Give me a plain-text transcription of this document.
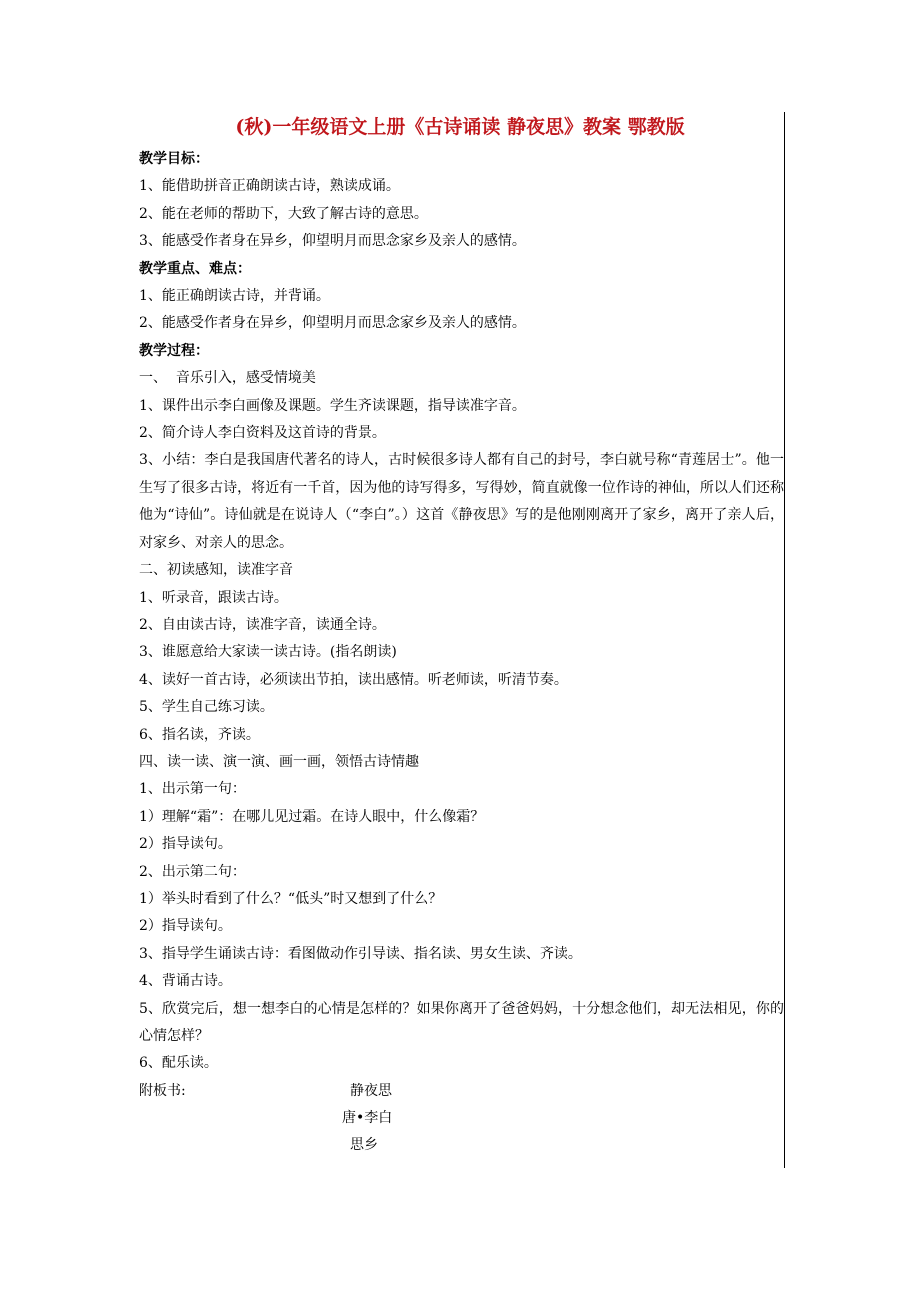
(秋)一年级语文上册《古诗诵读 静夜思》教案 鄂教版
教学目标：
1、能借助拼音正确朗读古诗，熟读成诵。
2、能在老师的帮助下，大致了解古诗的意思。
3、能感受作者身在异乡，仰望明月而思念家乡及亲人的感情。
教学重点、难点：
1、能正确朗读古诗，并背诵。
2、能感受作者身在异乡，仰望明月而思念家乡及亲人的感情。
教学过程：
一、  音乐引入，感受情境美
1、课件出示李白画像及课题。学生齐读课题，指导读准字音。
2、简介诗人李白资料及这首诗的背景。
3、小结：李白是我国唐代著名的诗人，古时候很多诗人都有自己的封号，李白就号称“青莲居士”。他一生写了很多古诗，将近有一千首，因为他的诗写得多，写得妙，简直就像一位作诗的神仙，所以人们还称他为“诗仙”。诗仙就是在说诗人（“李白”。）这首《静夜思》写的是他刚刚离开了家乡，离开了亲人后，对家乡、对亲人的思念。
二、初读感知，读准字音
1、听录音，跟读古诗。
2、自由读古诗，读准字音，读通全诗。
3、谁愿意给大家读一读古诗。(指名朗读)
4、读好一首古诗，必须读出节拍，读出感情。听老师读，听清节奏。
5、学生自己练习读。
6、指名读，齐读。
四、读一读、演一演、画一画，领悟古诗情趣
1、出示第一句：
1）理解“霜”：在哪儿见过霜。在诗人眼中，什么像霜？
2）指导读句。
2、出示第二句：
1）举头时看到了什么？“低头”时又想到了什么？
2）指导读句。
3、指导学生诵读古诗：看图做动作引导读、指名读、男女生读、齐读。
4、背诵古诗。
5、欣赏完后，想一想李白的心情是怎样的？如果你离开了爸爸妈妈，十分想念他们，却无法相见，你的心情怎样？
6、配乐读。
附板书:	静夜思
唐•李白
思乡
